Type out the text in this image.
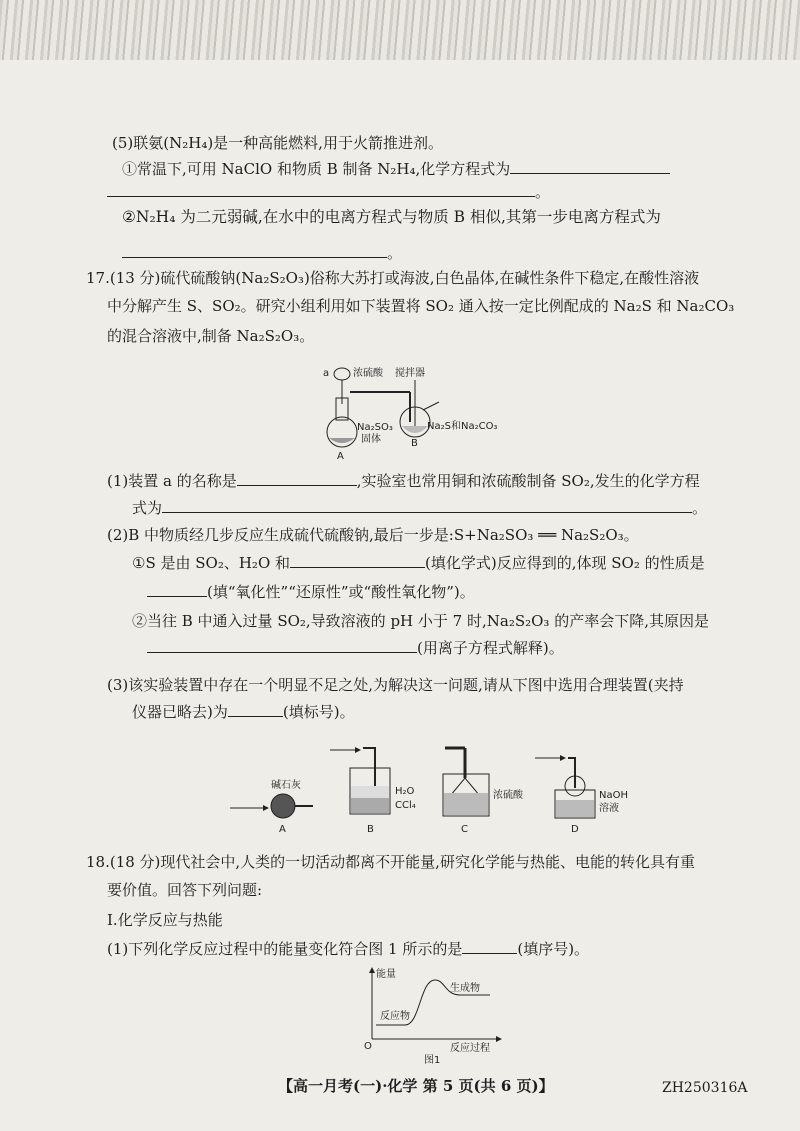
(5)联氨(N₂H₄)是一种高能燃料,用于火箭推进剂。
①常温下,可用 NaClO 和物质 B 制备 N₂H₄,化学方程式为
。
②N₂H₄ 为二元弱碱,在水中的电离方程式与物质 B 相似,其第一步电离方程式为
。
17.(13 分)硫代硫酸钠(Na₂S₂O₃)俗称大苏打或海波,白色晶体,在碱性条件下稳定,在酸性溶液
中分解产生 S、SO₂。研究小组利用如下装置将 SO₂ 通入按一定比例配成的 Na₂S 和 Na₂CO₃
的混合溶液中,制备 Na₂S₂O₃。
a 浓硫酸
Na₂SO₃
固体
A
搅拌器
Na₂S和Na₂CO₃
B
(1)装置 a 的名称是	,实验室也常用铜和浓硫酸制备 SO₂,发生的化学方程
式为	。
(2)B 中物质经几步反应生成硫代硫酸钠,最后一步是:S+Na₂SO₃ ══ Na₂S₂O₃。
①S 是由 SO₂、H₂O 和	(填化学式)反应得到的,体现 SO₂ 的性质是
(填“氧化性”“还原性”或“酸性氧化物”)。
②当往 B 中通入过量 SO₂,导致溶液的 pH 小于 7 时,Na₂S₂O₃ 的产率会下降,其原因是
(用离子方程式解释)。
(3)该实验装置中存在一个明显不足之处,为解决这一问题,请从下图中选用合理装置(夹持
仪器已略去)为	(填标号)。
碱石灰
A
H₂O
CCl₄
B
浓硫酸
C
NaOH
溶液
D
18.(18 分)现代社会中,人类的一切活动都离不开能量,研究化学能与热能、电能的转化具有重
要价值。回答下列问题:
Ⅰ.化学反应与热能
(1)下列化学反应过程中的能量变化符合图 1 所示的是	(填序号)。
能量
生成物
反应物
O	反应过程
图1
【高一月考(一)·化学 第 5 页(共 6 页)】	ZH250316A
